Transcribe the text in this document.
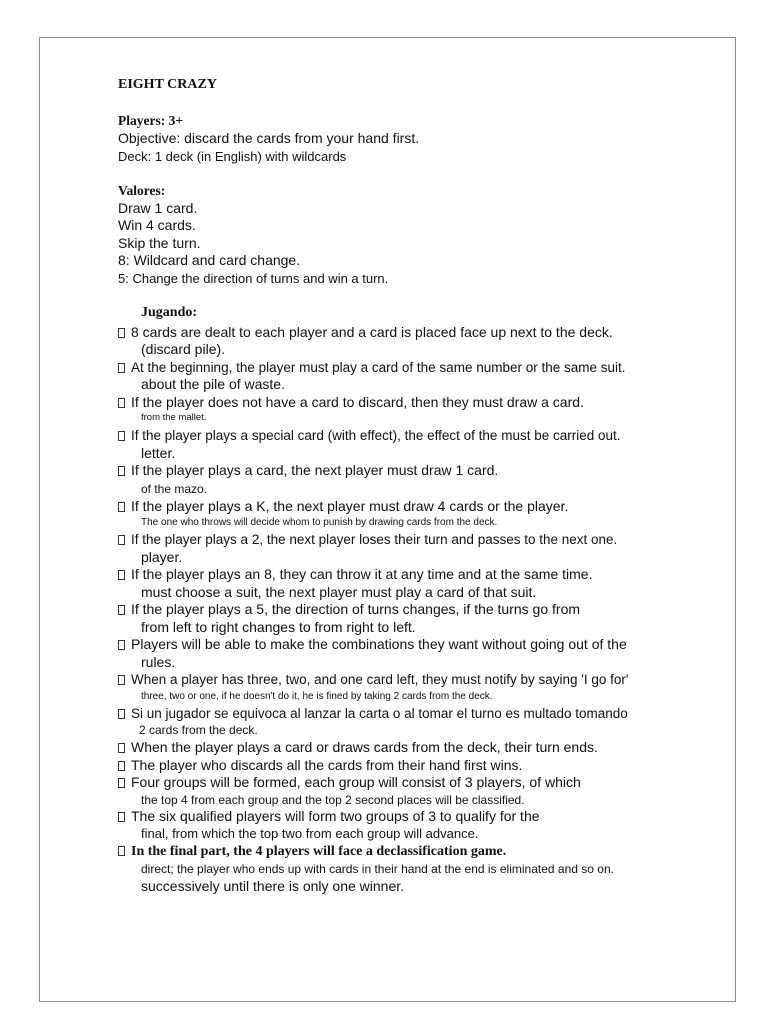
EIGHT CRAZY
Players: 3+
Objective: discard the cards from your hand first.
Deck: 1 deck (in English) with wildcards
Valores:
Draw 1 card.
Win 4 cards.
Skip the turn.
8: Wildcard and card change.
5: Change the direction of turns and win a turn.
Jugando:
8 cards are dealt to each player and a card is placed face up next to the deck.
(discard pile).
At the beginning, the player must play a card of the same number or the same suit.
about the pile of waste.
If the player does not have a card to discard, then they must draw a card.
from the mallet.
If the player plays a special card (with effect), the effect of the must be carried out.
letter.
If the player plays a card, the next player must draw 1 card.
of the mazo.
If the player plays a K, the next player must draw 4 cards or the player.
The one who throws will decide whom to punish by drawing cards from the deck.
If the player plays a 2, the next player loses their turn and passes to the next one.
player.
If the player plays an 8, they can throw it at any time and at the same time.
must choose a suit, the next player must play a card of that suit.
If the player plays a 5, the direction of turns changes, if the turns go from
from left to right changes to from right to left.
Players will be able to make the combinations they want without going out of the
rules.
When a player has three, two, and one card left, they must notify by saying 'I go for'
three, two or one, if he doesn't do it, he is fined by taking 2 cards from the deck.
Si un jugador se equivoca al lanzar la carta o al tomar el turno es multado tomando
2 cards from the deck.
When the player plays a card or draws cards from the deck, their turn ends.
The player who discards all the cards from their hand first wins.
Four groups will be formed, each group will consist of 3 players, of which
the top 4 from each group and the top 2 second places will be classified.
The six qualified players will form two groups of 3 to qualify for the
final, from which the top two from each group will advance.
In the final part, the 4 players will face a declassification game.
direct; the player who ends up with cards in their hand at the end is eliminated and so on.
successively until there is only one winner.
